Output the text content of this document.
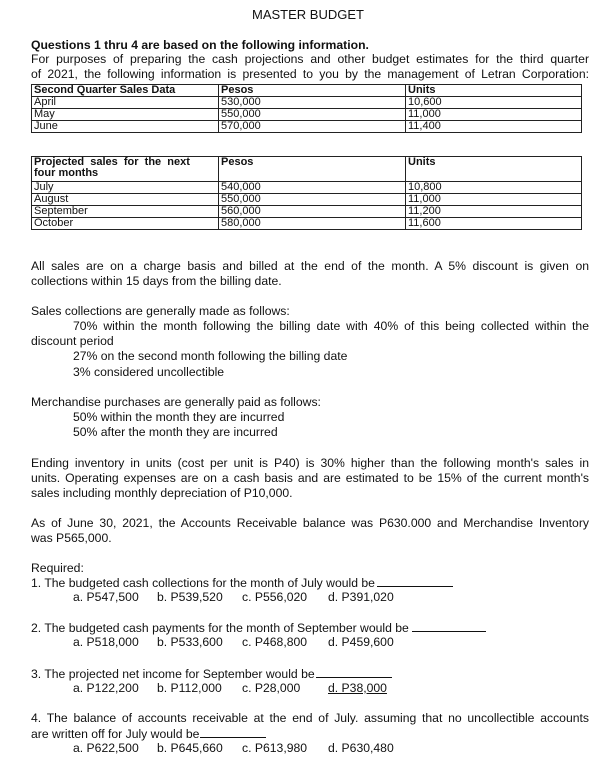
MASTER BUDGET
Questions 1 thru 4 are based on the following information.
For purposes of preparing the cash projections and other budget estimates for the third quarter
of 2021, the following information is presented to you by the management of Letran Corporation:
Second Quarter Sales Data	Pesos	Units
April	530,000	10,600
May	550,000	11,000
June	570,000	11,400
Projected  sales  for  the  next
four months	Pesos	Units
July	540,000	10,800
August	550,000	11,000
September	560,000	11,200
October	580,000	11,600
All sales are on a charge basis and billed at the end of the month. A 5% discount is given on
collections within 15 days from the billing date.
Sales collections are generally made as follows:
70% within the month following the billing date with 40% of this being collected within the
discount period
27% on the second month following the billing date
3% considered uncollectible
Merchandise purchases are generally paid as follows:
50% within the month they are incurred
50% after the month they are incurred
Ending inventory in units (cost per unit is P40) is 30% higher than the following month's sales in
units. Operating expenses are on a cash basis and are estimated to be 15% of the current month's
sales including monthly depreciation of P10,000.
As of June 30, 2021, the Accounts Receivable balance was P630.000 and Merchandise Inventory
was P565,000.
Required:
1. The budgeted cash collections for the month of July would be
a. P547,500 b. P539,520 c. P556,020 d. P391,020
2. The budgeted cash payments for the month of September would be
a. P518,000 b. P533,600 c. P468,800 d. P459,600
3. The projected net income for September would be
a. P122,200 b. P112,000 c. P28,000 d. P38,000
4. The balance of accounts receivable at the end of July. assuming that no uncollectible accounts
are written off for July would be
a. P622,500 b. P645,660 c. P613,980 d. P630,480
